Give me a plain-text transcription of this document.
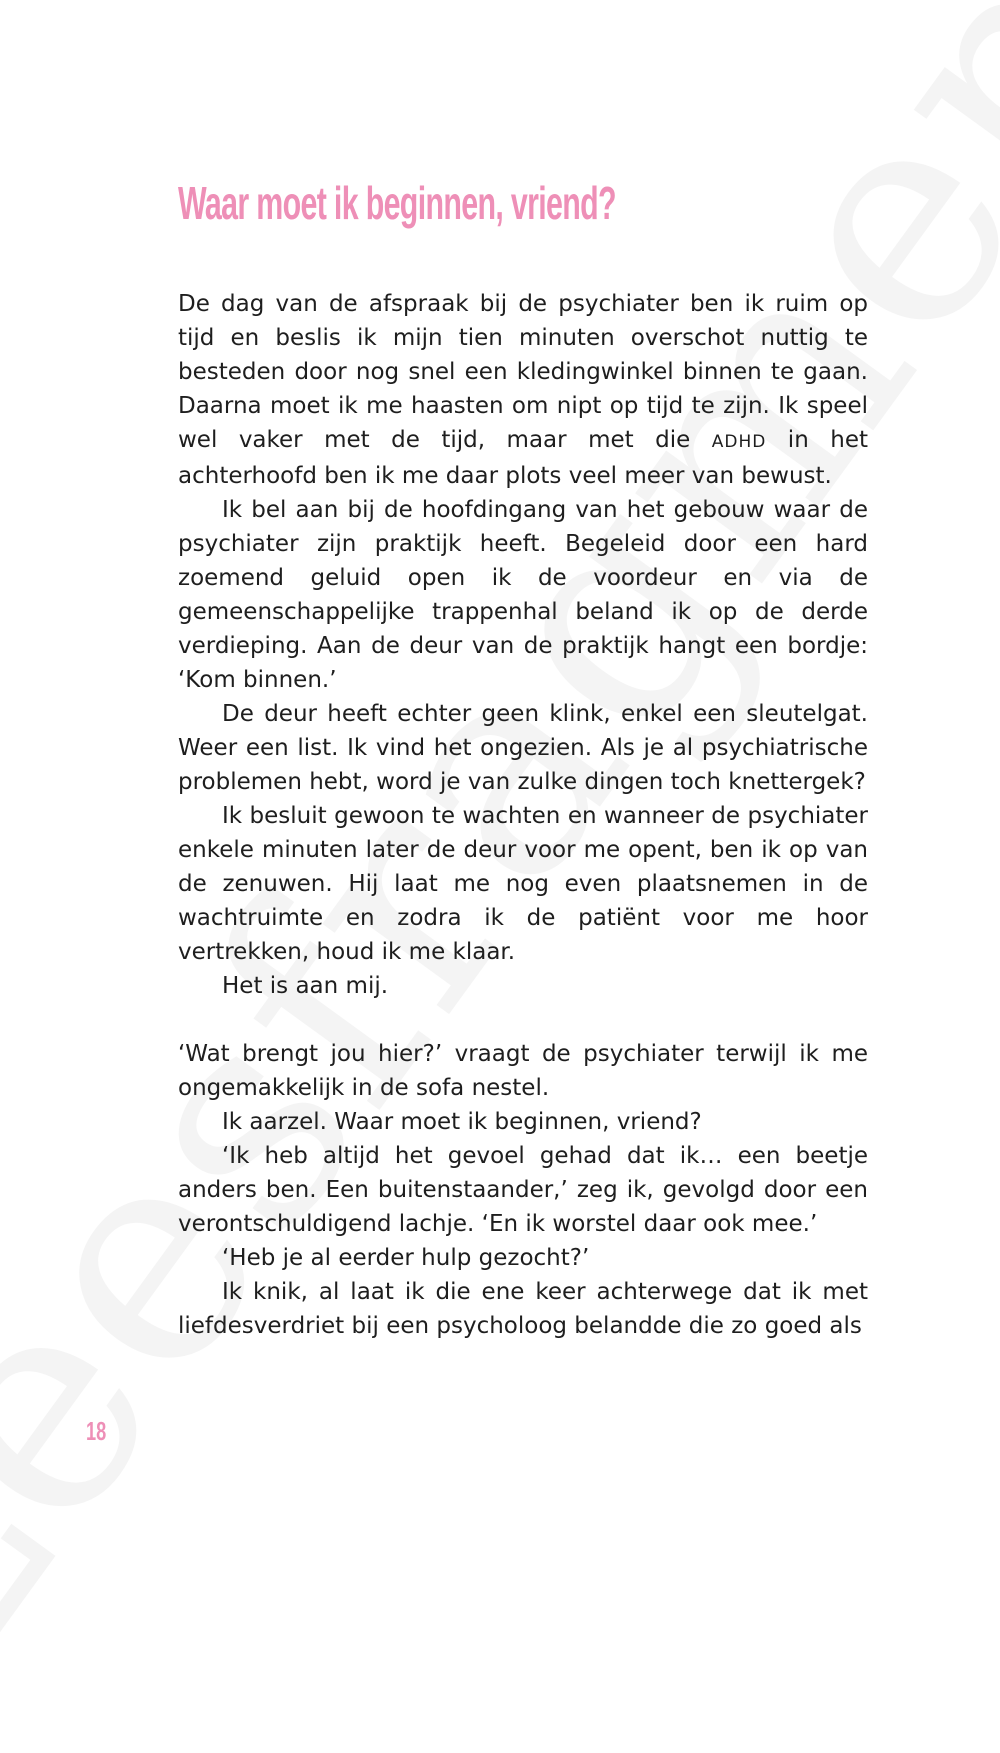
Waar moet ik beginnen, vriend?

De dag van de afspraak bij de psychiater ben ik ruim op tijd en beslis ik mijn tien minuten overschot nuttig te besteden door nog snel een kledingwinkel binnen te gaan. Daarna moet ik me haasten om nipt op tijd te zijn. Ik speel wel vaker met de tijd, maar met die ADHD in het achterhoofd ben ik me daar plots veel meer van bewust.

Ik bel aan bij de hoofdingang van het gebouw waar de psychiater zijn praktijk heeft. Begeleid door een hard zoemend geluid open ik de voordeur en via de gemeenschappelijke trappenhal beland ik op de derde verdieping. Aan de deur van de praktijk hangt een bordje: ‘Kom binnen.’

De deur heeft echter geen klink, enkel een sleutelgat. Weer een list. Ik vind het ongezien. Als je al psychiatrische problemen hebt, word je van zulke dingen toch knettergek?

Ik besluit gewoon te wachten en wanneer de psychiater enkele minuten later de deur voor me opent, ben ik op van de zenuwen. Hij laat me nog even plaatsnemen in de wachtruimte en zodra ik de patiënt voor me hoor vertrekken, houd ik me klaar.

Het is aan mij.

‘Wat brengt jou hier?’ vraagt de psychiater terwijl ik me ongemakkelijk in de sofa nestel.

Ik aarzel. Waar moet ik beginnen, vriend?

‘Ik heb altijd het gevoel gehad dat ik… een beetje anders ben. Een buitenstaander,’ zeg ik, gevolgd door een verontschuldigend lachje. ‘En ik worstel daar ook mee.’

‘Heb je al eerder hulp gezocht?’

Ik knik, al laat ik die ene keer achterwege dat ik met liefdesverdriet bij een psycholoog belandde die zo goed als

18
